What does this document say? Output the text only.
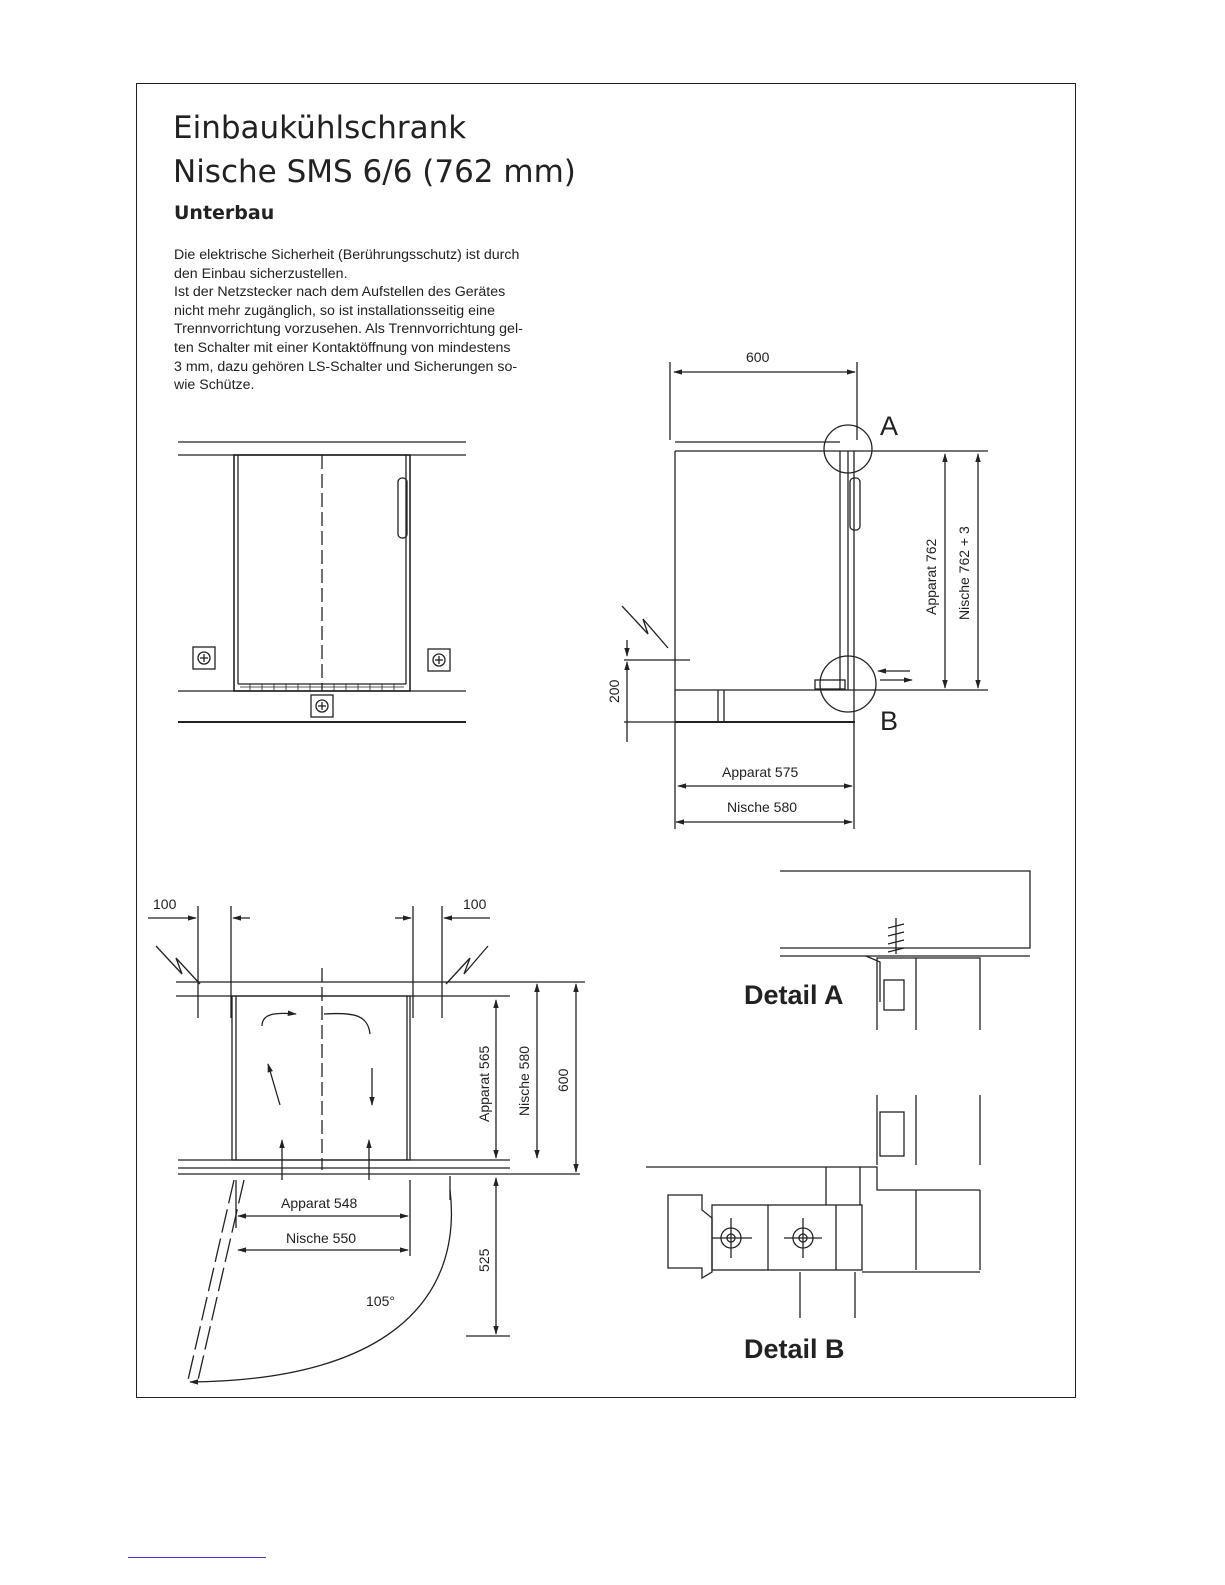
Einbaukühlschrank
Nische SMS 6/6 (762 mm)
Unterbau
Die elektrische Sicherheit (Berührungsschutz) ist durch
den Einbau sicherzustellen.
Ist der Netzstecker nach dem Aufstellen des Gerätes
nicht mehr zugänglich, so ist installationsseitig eine
Trennvorrichtung vorzusehen. Als Trennvorrichtung gel-
ten Schalter mit einer Kontaktöffnung von mindestens
3 mm, dazu gehören LS-Schalter und Sicherungen so-
wie Schütze.
A
B
600
Apparat 762 Nische 762 + 3
200
Apparat 575
Nische 580
100	100
Apparat 565 Nische 580 600
Apparat 548
Nische 550
105°
525
Detail A
Detail B
